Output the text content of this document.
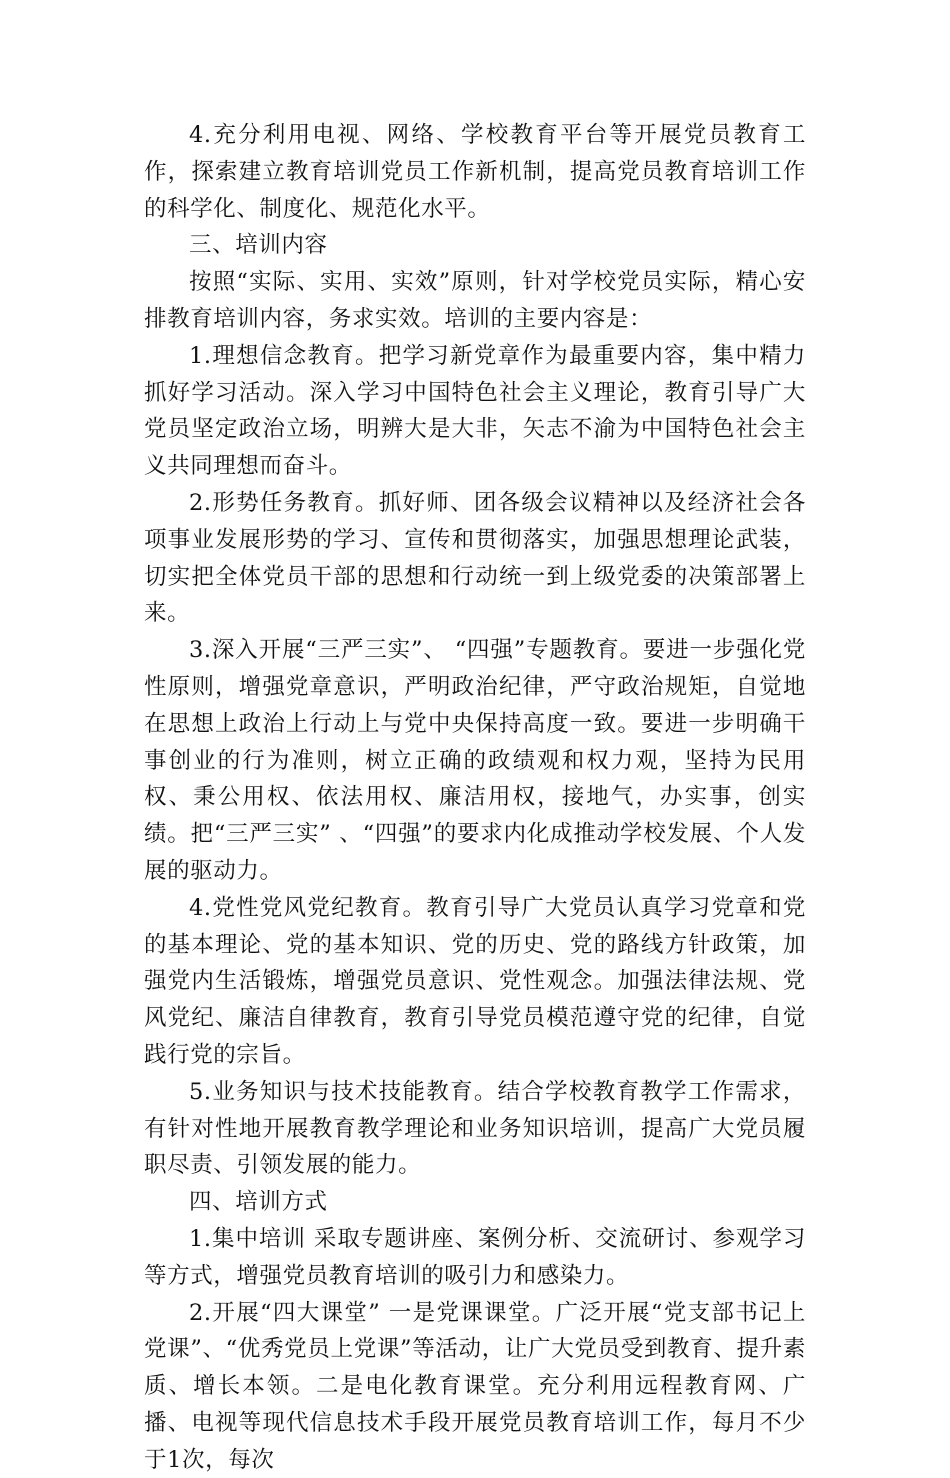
4.充分利用电视、网络、学校教育平台等开展党员教育工作，探索建立教育培训党员工作新机制，提高党员教育培训工作的科学化、制度化、规范化水平。

三、培训内容

按照“实际、实用、实效”原则，针对学校党员实际，精心安排教育培训内容，务求实效。培训的主要内容是：

1.理想信念教育。把学习新党章作为最重要内容，集中精力抓好学习活动。深入学习中国特色社会主义理论，教育引导广大党员坚定政治立场，明辨大是大非，矢志不渝为中国特色社会主义共同理想而奋斗。

2.形势任务教育。抓好师、团各级会议精神以及经济社会各项事业发展形势的学习、宣传和贯彻落实，加强思想理论武装，切实把全体党员干部的思想和行动统一到上级党委的决策部署上来。

3.深入开展“三严三实”、 “四强”专题教育。要进一步强化党性原则，增强党章意识，严明政治纪律，严守政治规矩，自觉地在思想上政治上行动上与党中央保持高度一致。要进一步明确干事创业的行为准则，树立正确的政绩观和权力观，坚持为民用权、秉公用权、依法用权、廉洁用权，接地气，办实事，创实绩。把“三严三实” 、“四强”的要求内化成推动学校发展、个人发展的驱动力。

4.党性党风党纪教育。教育引导广大党员认真学习党章和党的基本理论、党的基本知识、党的历史、党的路线方针政策，加强党内生活锻炼，增强党员意识、党性观念。加强法律法规、党风党纪、廉洁自律教育，教育引导党员模范遵守党的纪律，自觉践行党的宗旨。

5.业务知识与技术技能教育。结合学校教育教学工作需求，有针对性地开展教育教学理论和业务知识培训，提高广大党员履职尽责、引领发展的能力。

四、培训方式

1.集中培训 采取专题讲座、案例分析、交流研讨、参观学习等方式，增强党员教育培训的吸引力和感染力。

2.开展“四大课堂” 一是党课课堂。广泛开展“党支部书记上党课”、“优秀党员上党课”等活动，让广大党员受到教育、提升素质、增长本领。二是电化教育课堂。充分利用远程教育网、广播、电视等现代信息技术手段开展党员教育培训工作，每月不少于1次，每次
